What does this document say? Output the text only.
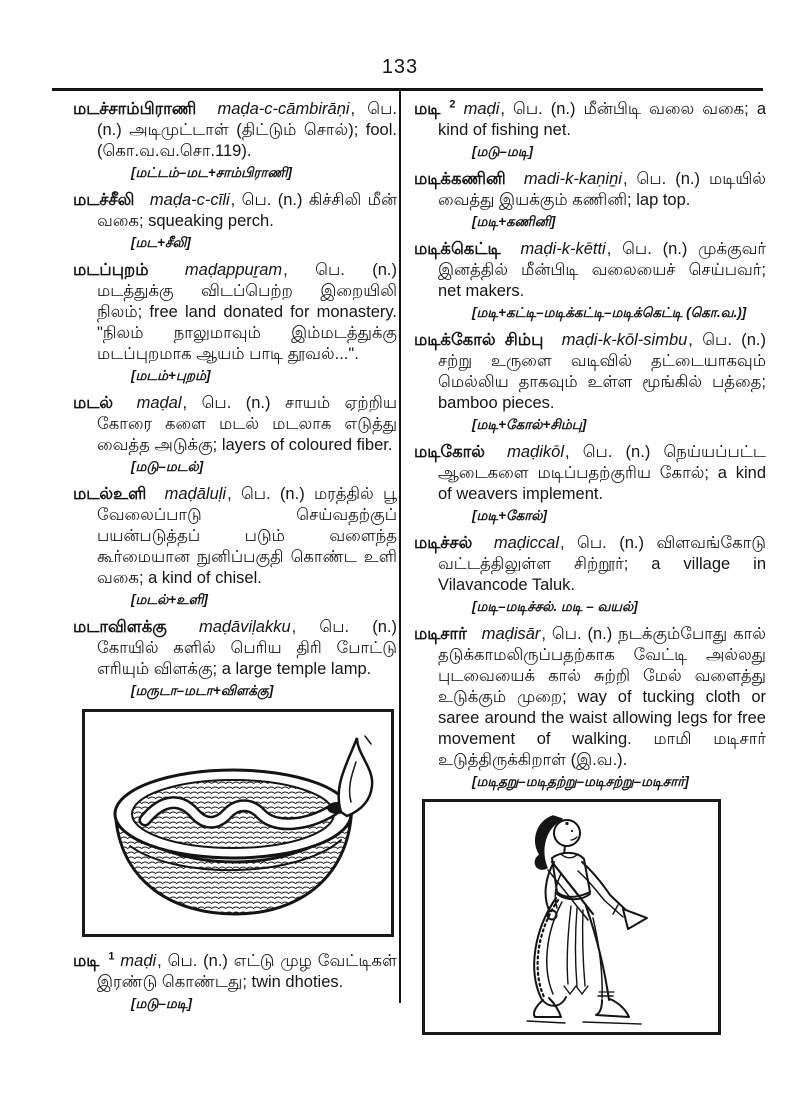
133

மடச்சாம்பிராணி maḍa-c-cāmbirāṇi, பெ. (n.) அடிமுட்டாள் (திட்டும் சொல்); fool. (கொ.வ.வ.சொ.119).

[மட்டம்–மட+சாம்பிராணி]

மடச்சீலி maḍa-c-cīli, பெ. (n.) கிச்சிலி மீன் வகை; squeaking perch.

[மட+சீலி]

மடப்புறம் maḍappuṟam, பெ. (n.) மடத்துக்கு விடப்பெற்ற இறையிலி நிலம்; free land donated for monastery. "நிலம் நாலுமாவும் இம்மடத்துக்கு மடப்புறமாக ஆயம் பாடி தூவல்...".

[மடம்+புறம்]

மடல் maḍal, பெ. (n.) சாயம் ஏற்றிய கோரை களை மடல் மடலாக எடுத்து வைத்த அடுக்கு; layers of coloured fiber.

[மடு–மடல்]

மடல்உளி maḍāluḷi, பெ. (n.) மரத்தில் பூ வேலைப்பாடு செய்வதற்குப் பயன்படுத்தப் படும் வளைந்த கூர்மையான நுனிப்பகுதி கொண்ட உளி வகை; a kind of chisel.

[மடல்+உளி]

மடாவிளக்கு maḍāviḷakku, பெ. (n.) கோயில் களில் பெரிய திரி போட்டு எரியும் விளக்கு; a large temple lamp.

[மருடா–மடா+விளக்கு]

மடி $^1$ maḍi, பெ. (n.) எட்டு முழ வேட்டிகள் இரண்டு கொண்டது; twin dhoties.

[மடு–மடி]

மடி $^2$ maḍi, பெ. (n.) மீன்பிடி வலை வகை; a kind of fishing net.

[மடு–மடி]

மடிக்கணினி madi-k-kaṇiṉi, பெ. (n.) மடியில் வைத்து இயக்கும் கணினி; lap top.

[மடி+கணினி]

மடிக்கெட்டி maḍi-k-kētti, பெ. (n.) முக்குவர் இனத்தில் மீன்பிடி வலையைச் செய்பவர்; net makers.

[மடி+கட்டி–மடிக்கட்டி–மடிக்கெட்டி (கொ.வ.)]

மடிக்கோல் சிம்பு maḍi-k-kōl-simbu, பெ. (n.) சற்று உருளை வடிவில் தட்டையாகவும் மெல்லிய தாகவும் உள்ள மூங்கில் பத்தை; bamboo pieces.

[மடி+கோல்+சிம்பு]

மடிகோல் maḍikōl, பெ. (n.) நெய்யப்பட்ட ஆடைகளை மடிப்பதற்குரிய கோல்; a kind of weavers implement.

[மடி+கோல்]

மடிச்சல் maḍiccal, பெ. (n.) விளவங்கோடு வட்டத்திலுள்ள சிற்றூர்; a village in Vilavancode Taluk.

[மடி–மடிச்சல். மடி – வயல்]

மடிசார் maḍisār, பெ. (n.) நடக்கும்போது கால் தடுக்காமலிருப்பதற்காக வேட்டி அல்லது புடவையைக் கால் சுற்றி மேல் வளைத்து உடுக்கும் முறை; way of tucking cloth or saree around the waist allowing legs for free movement of walking. மாமி மடிசார் உடுத்திருக்கிறாள் (இ.வ.).

[மடிதறு–மடிதற்று–மடிசற்று–மடிசார்]
